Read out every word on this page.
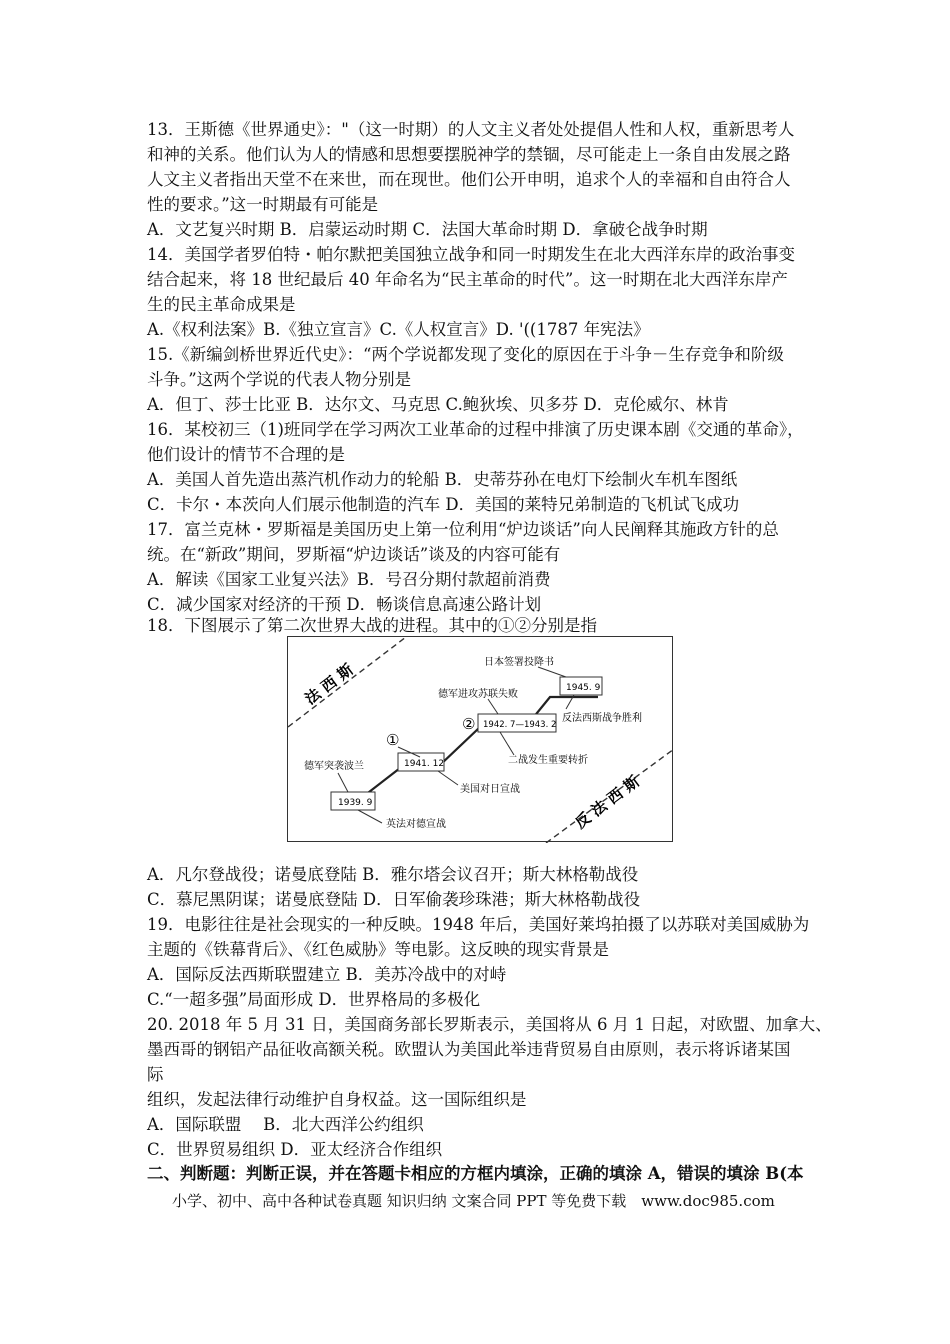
13．王斯德《世界通史》："（这一时期）的人文主义者处处提倡人性和人权，重新思考人
和神的关系。他们认为人的情感和思想要摆脱神学的禁锢，尽可能走上一条自由发展之路
人文主义者指出天堂不在来世，而在现世。他们公开申明，追求个人的幸福和自由符合人
性的要求。”这一时期最有可能是
A．文艺复兴时期 B．启蒙运动时期 C．法国大革命时期 D．拿破仑战争时期
14．美国学者罗伯特・帕尔默把美国独立战争和同一时期发生在北大西洋东岸的政治事变
结合起来，将 18 世纪最后 40 年命名为“民主革命的时代”。这一时期在北大西洋东岸产
生的民主革命成果是
A.《权利法案》B.《独立宣言》C.《人权宣言》D. '((1787 年宪法》
15.《新编剑桥世界近代史》：“两个学说都发现了变化的原因在于斗争－生存竞争和阶级
斗争。”这两个学说的代表人物分别是
A．但丁、莎士比亚 B．达尔文、马克思 C.鲍狄埃、贝多芬 D．克伦威尔、林肯
16．某校初三（1)班同学在学习两次工业革命的过程中排演了历史课本剧《交通的革命》，
他们设计的情节不合理的是
A．美国人首先造出蒸汽机作动力的轮船 B．史蒂芬孙在电灯下绘制火车机车图纸
C．卡尔・本茨向人们展示他制造的汽车 D．美国的莱特兄弟制造的飞机试飞成功
17．富兰克林・罗斯福是美国历史上第一位利用“炉边谈话”向人民阐释其施政方针的总
统。在“新政”期间，罗斯福“炉边谈话”谈及的内容可能有
A．解读《国家工业复兴法》B．号召分期付款超前消费
C．减少国家对经济的干预 D．畅谈信息高速公路计划
18．下图展示了第二次世界大战的进程。其中的①②分别是指
法 西 斯
反 法 西 斯
1939. 9
1941. 12
1942. 7—1943. 2
1945. 9
德军突袭波兰
英法对德宣战
美国对日宣战
二战发生重要转折
德军进攻苏联失败
日本签署投降书
反法西斯战争胜利
①
②
A．凡尔登战役；诺曼底登陆 B．雅尔塔会议召开；斯大林格勒战役
C．慕尼黑阴谋；诺曼底登陆 D．日军偷袭珍珠港；斯大林格勒战役
19．电影往往是社会现实的一种反映。1948 年后，美国好莱坞拍摄了以苏联对美国威胁为
主题的《铁幕背后》、《红色威胁》等电影。这反映的现实背景是
A．国际反法西斯联盟建立 B．美苏冷战中的对峙
C.“一超多强”局面形成 D．世界格局的多极化
20. 2018 年 5 月 31 日，美国商务部长罗斯表示，美国将从 6 月 1 日起，对欧盟、加拿大、
墨西哥的钢铝产品征收高额关税。欧盟认为美国此举违背贸易自由原则，表示将诉诸某国
际
组织，发起法律行动维护自身权益。这一国际组织是
A．国际联盟　 B．北大西洋公约组织
C．世界贸易组织 D．亚太经济合作组织
二、判断题：判断正误，并在答题卡相应的方框内填涂，正确的填涂 A，错误的填涂 B(本
小学、初中、高中各种试卷真题 知识归纳 文案合同 PPT 等免费下载　www.doc985.com
